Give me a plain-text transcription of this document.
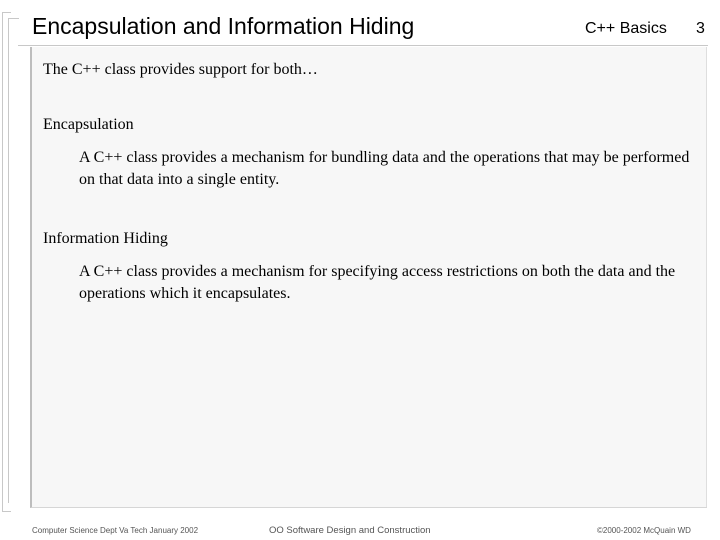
Encapsulation and Information Hiding	C++ Basics 3
The C++ class provides support for both…
Encapsulation
A C++ class provides a mechanism for bundling data and the operations that may be performed on that data into a single entity.
Information Hiding
A C++ class provides a mechanism for specifying access restrictions on both the data and the operations which it encapsulates.
Computer Science Dept Va Tech January 2002	OO Software Design and Construction	©2000-2002 McQuain WD
